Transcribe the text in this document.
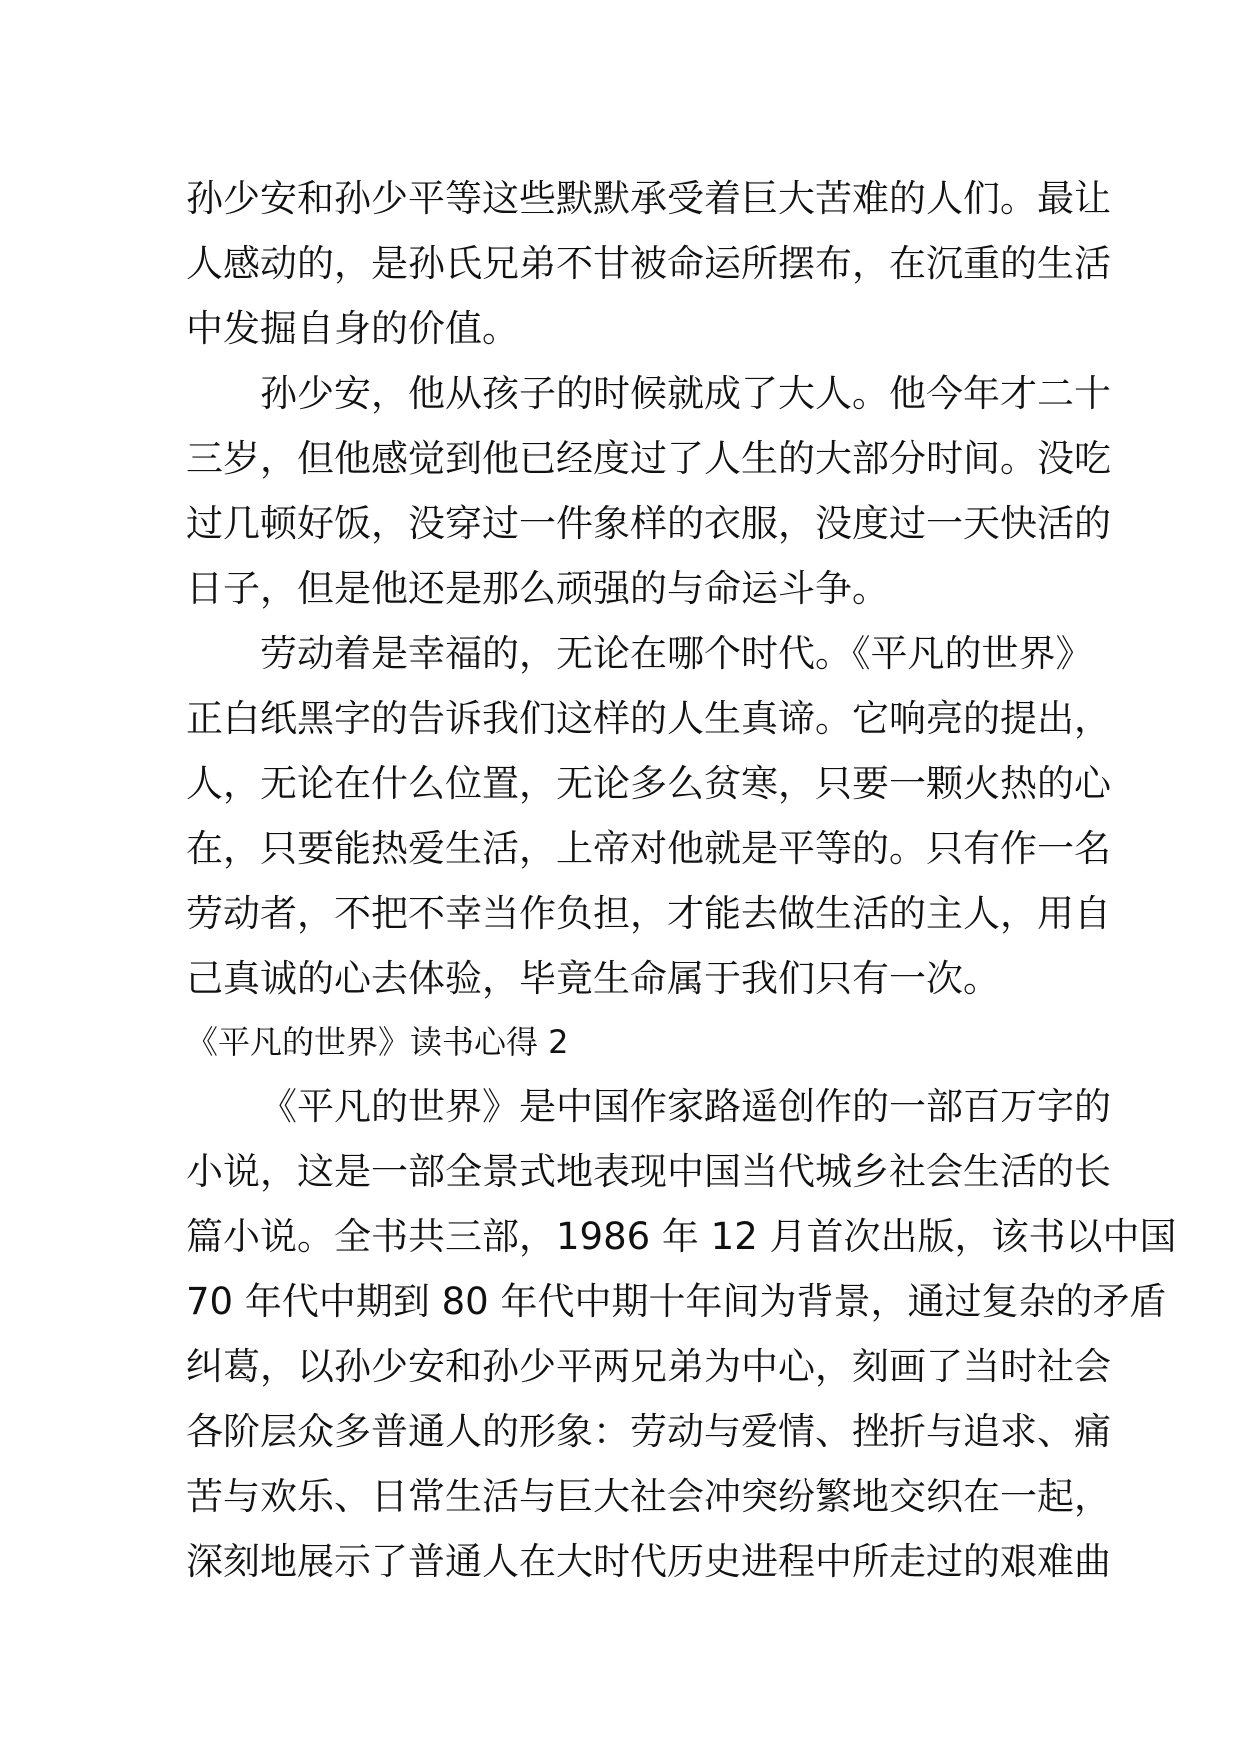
孙少安和孙少平等这些默默承受着巨大苦难的人们。最让
人感动的，是孙氏兄弟不甘被命运所摆布，在沉重的生活
中发掘自身的价值。
孙少安，他从孩子的时候就成了大人。他今年才二十
三岁，但他感觉到他已经度过了人生的大部分时间。没吃
过几顿好饭，没穿过一件象样的衣服，没度过一天快活的
日子，但是他还是那么顽强的与命运斗争。
劳动着是幸福的，无论在哪个时代。《平凡的世界》
正白纸黑字的告诉我们这样的人生真谛。它响亮的提出，
人，无论在什么位置，无论多么贫寒，只要一颗火热的心
在，只要能热爱生活，上帝对他就是平等的。只有作一名
劳动者，不把不幸当作负担，才能去做生活的主人，用自
己真诚的心去体验，毕竟生命属于我们只有一次。
《平凡的世界》读书心得 2
《平凡的世界》是中国作家路遥创作的一部百万字的
小说，这是一部全景式地表现中国当代城乡社会生活的长
篇小说。全书共三部，1986 年 12 月首次出版，该书以中国
70 年代中期到 80 年代中期十年间为背景，通过复杂的矛盾
纠葛，以孙少安和孙少平两兄弟为中心，刻画了当时社会
各阶层众多普通人的形象：劳动与爱情、挫折与追求、痛
苦与欢乐、日常生活与巨大社会冲突纷繁地交织在一起，
深刻地展示了普通人在大时代历史进程中所走过的艰难曲
